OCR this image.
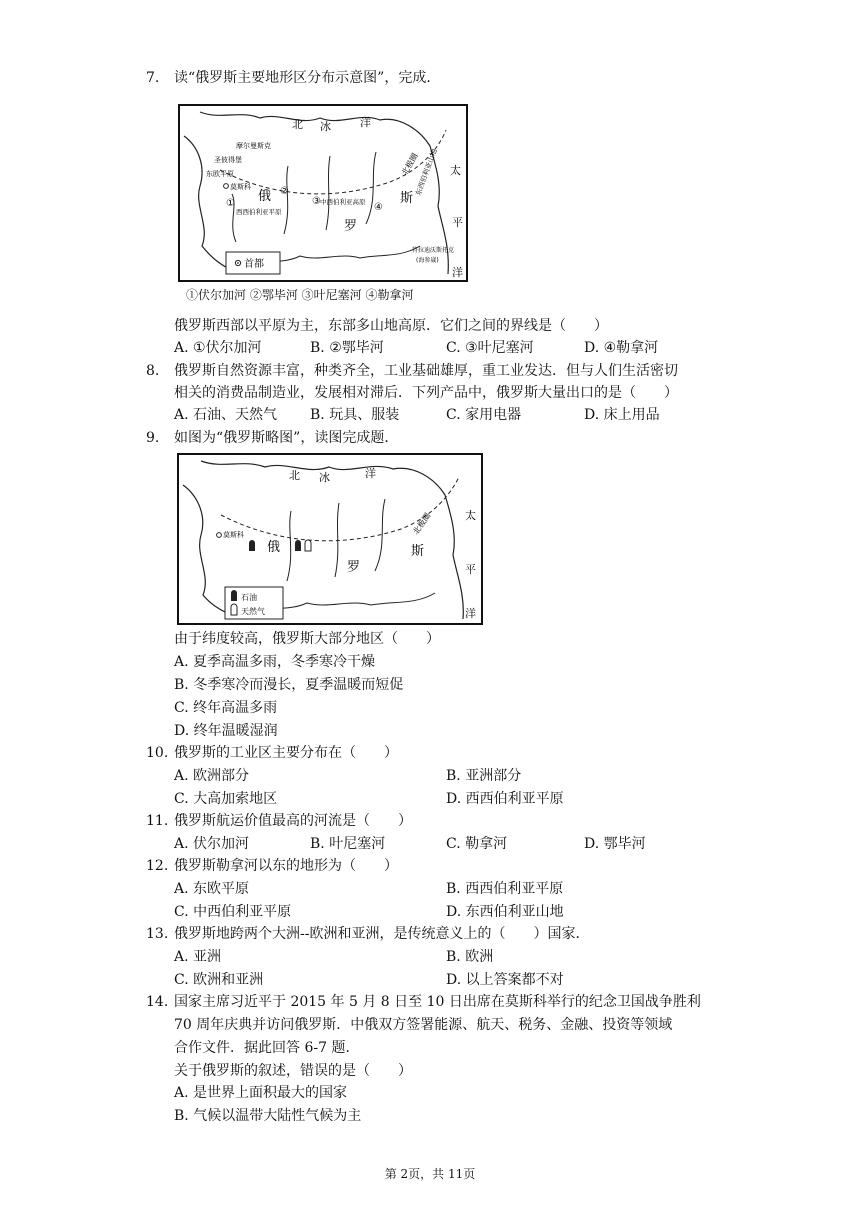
7. 读“俄罗斯主要地形区分布示意图”，完成.
北 冰	洋
北极圈
摩尔曼斯克
圣彼得堡
东欧平原
莫斯科
俄
西西伯利亚平原
中西伯利亚高原
罗
斯
东西伯利亚山地 太
平
洋
符拉迪沃斯托克
(海参崴)
①
②
③
④
首都
①伏尔加河 ②鄂毕河 ③叶尼塞河 ④勒拿河
俄罗斯西部以平原为主，东部多山地高原．它们之间的界线是（　　）
A. ①伏尔加河	B. ②鄂毕河	C. ③叶尼塞河	D. ④勒拿河
8. 俄罗斯自然资源丰富，种类齐全，工业基础雄厚，重工业发达．但与人们生活密切
相关的消费品制造业，发展相对滞后．下列产品中，俄罗斯大量出口的是（　　）
A. 石油、天然气 B. 玩具、服装	C. 家用电器	D. 床上用品
9. 如图为“俄罗斯略图”，读图完成题．
北 冰	洋
北极圈
莫斯科
俄
罗
斯
太
平
洋
石油
天然气
由于纬度较高，俄罗斯大部分地区（　　）
A. 夏季高温多雨，冬季寒冷干燥
B. 冬季寒冷而漫长，夏季温暖而短促
C. 终年高温多雨
D. 终年温暖湿润
10. 俄罗斯的工业区主要分布在（　　）
A. 欧洲部分	B. 亚洲部分
C. 大高加索地区	D. 西西伯利亚平原
11. 俄罗斯航运价值最高的河流是（　　）
A. 伏尔加河	B. 叶尼塞河	C. 勒拿河	D. 鄂毕河
12. 俄罗斯勒拿河以东的地形为（　　）
A. 东欧平原	B. 西西伯利亚平原
C. 中西伯利亚平原	D. 东西伯利亚山地
13. 俄罗斯地跨两个大洲--欧洲和亚洲，是传统意义上的（　　）国家．
A. 亚洲	B. 欧洲
C. 欧洲和亚洲	D. 以上答案都不对
14. 国家主席习近平于 2015 年 5 月 8 日至 10 日出席在莫斯科举行的纪念卫国战争胜利
70 周年庆典并访问俄罗斯．中俄双方签署能源、航天、税务、金融、投资等领域
合作文件．据此回答 6-7 题．
关于俄罗斯的叙述，错误的是（　　）
A. 是世界上面积最大的国家
B. 气候以温带大陆性气候为主
第 2页，共 11页
